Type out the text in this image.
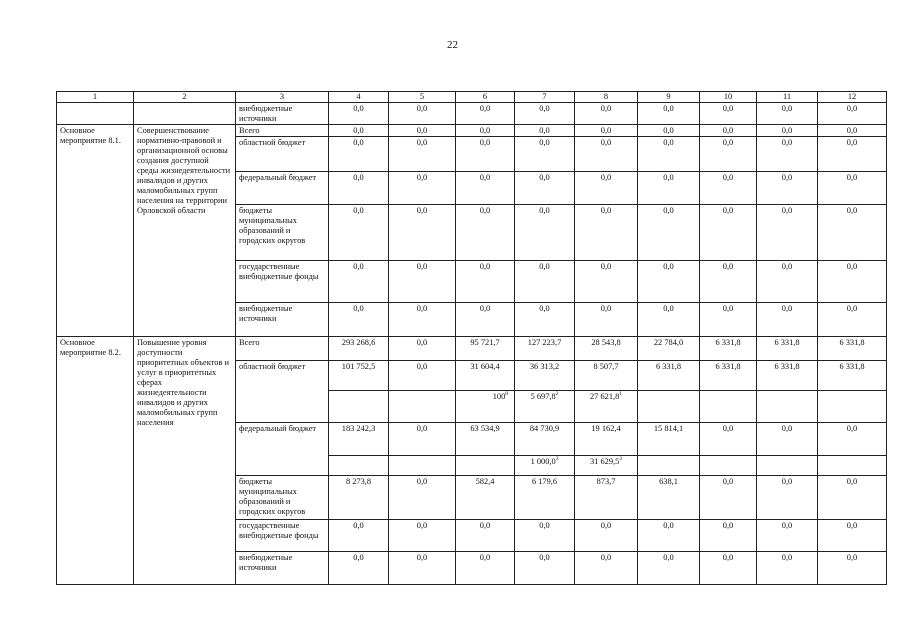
22
1	2	3	4	5	6	7	8	9	10	11	12
		внебюджетные источники	0,0	0,0	0,0	0,0	0,0	0,0	0,0	0,0	0,0
Основное мероприятие 8.1.	Совершенствование нормативно-правовой и организационной основы создания доступной среды жизнедеятельности инвалидов и других маломобильных групп населения на территории Орловской области	Всего	0,0	0,0	0,0	0,0	0,0	0,0	0,0	0,0	0,0
		областной бюджет	0,0	0,0	0,0	0,0	0,0	0,0	0,0	0,0	0,0
		федеральный бюджет	0,0	0,0	0,0	0,0	0,0	0,0	0,0	0,0	0,0
		бюджеты муниципальных образований и городских округов	0,0	0,0	0,0	0,0	0,0	0,0	0,0	0,0	0,0
		государственные внебюджетные фонды	0,0	0,0	0,0	0,0	0,0	0,0	0,0	0,0	0,0
		внебюджетные источники	0,0	0,0	0,0	0,0	0,0	0,0	0,0	0,0	0,0
Основное мероприятие 8.2.	Повышение уровня доступности приоритетных объектов и услуг в приоритетных сферах жизнедеятельности инвалидов и других маломобильных групп населения	Всего	293 268,6	0,0	95 721,7	127 223,7	28 543,8	22 784,0	6 331,8	6 331,8	6 331,8
		областной бюджет	101 752,5	0,0	31 604,4	36 313,2	8 507,7	6 331,8	6 331,8	6 331,8	6 331,8
					$100^8$	5 697,8$^2$	27 621,8$^1$				
		федеральный бюджет	183 242,3	0,0	63 534,9	84 730,9	19 162,4	15 814,1	0,0	0,0	0,0
						1 000,0$^3$	31 629,5$^3$				
		бюджеты муниципальных образований и городских округов	8 273,8	0,0	582,4	6 179,6	873,7	638,1	0,0	0,0	0,0
		государственные внебюджетные фонды	0,0	0,0	0,0	0,0	0,0	0,0	0,0	0,0	0,0
		внебюджетные источники	0,0	0,0	0,0	0,0	0,0	0,0	0,0	0,0	0,0
